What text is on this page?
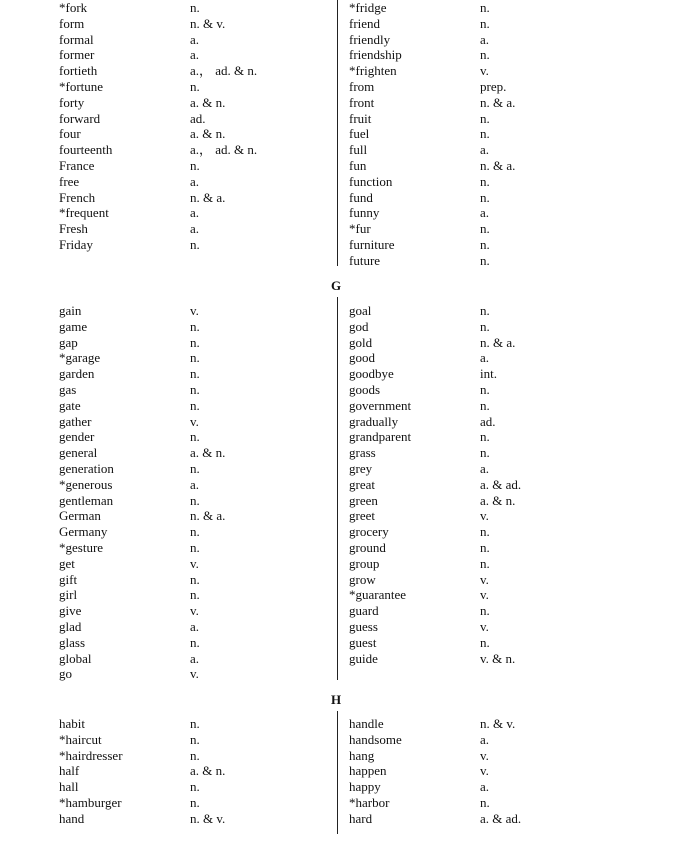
*fork	n.
form	n. & v.
formal	a.
former	a.
fortieth	a.， ad. & n.
*fortune	n.
forty	a. & n.
forward	ad.
four	a. & n.
fourteenth	a.， ad. & n.
France	n.
free	a.
French	n. & a.
*frequent	a.
Fresh	a.
Friday	n.
*fridge	n.
friend	n.
friendly	a.
friendship	n.
*frighten	v.
from	prep.
front	n. & a.
fruit	n.
fuel	n.
full	a.
fun	n. & a.
function	n.
fund	n.
funny	a.
*fur	n.
furniture	n.
future	n.
G
gain	v.
game	n.
gap	n.
*garage	n.
garden	n.
gas	n.
gate	n.
gather	v.
gender	n.
general	a. & n.
generation	n.
*generous	a.
gentleman	n.
German	n. & a.
Germany	n.
*gesture	n.
get	v.
gift	n.
girl	n.
give	v.
glad	a.
glass	n.
global	a.
go	v.
goal	n.
god	n.
gold	n. & a.
good	a.
goodbye	int.
goods	n.
government	n.
gradually	ad.
grandparent	n.
grass	n.
grey	a.
great	a. & ad.
green	a. & n.
greet	v.
grocery	n.
ground	n.
group	n.
grow	v.
*guarantee	v.
guard	n.
guess	v.
guest	n.
guide	v. & n.
H
habit	n.
*haircut	n.
*hairdresser	n.
half	a. & n.
hall	n.
*hamburger	n.
hand	n. & v.
handle	n. & v.
handsome	a.
hang	v.
happen	v.
happy	a.
*harbor	n.
hard	a. & ad.
